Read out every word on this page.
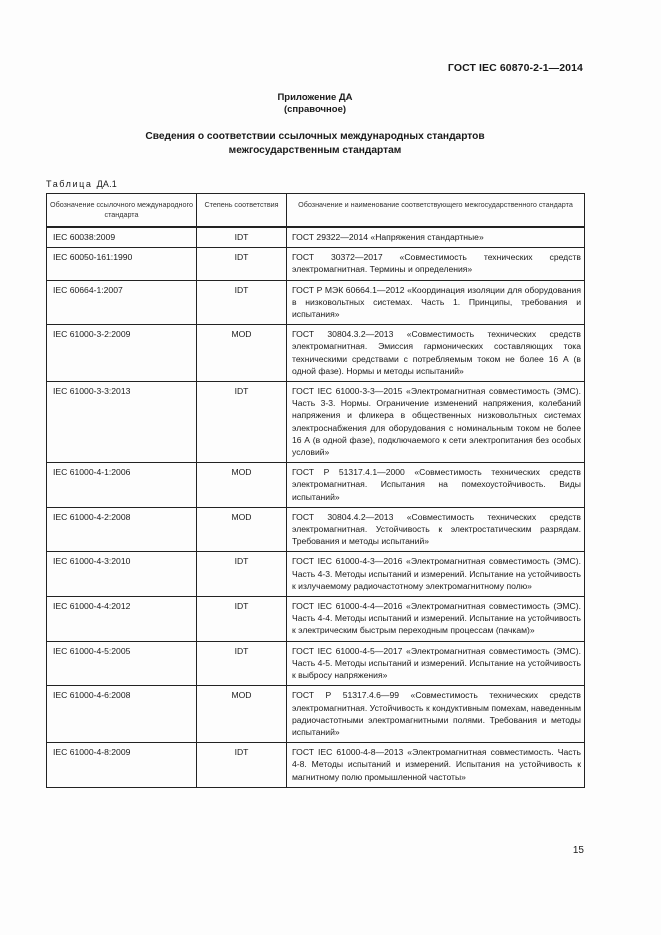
ГОСТ IEC 60870-2-1—2014
Приложение ДА
(справочное)
Сведения о соответствии ссылочных международных стандартов
межгосударственным стандартам
Таблица ДА.1
Обозначение ссылочного международного стандарта	Степень соответствия	Обозначение и наименование соответствующего межгосударственного стандарта
IEC 60038:2009	IDT	ГОСТ 29322—2014 «Напряжения стандартные»
IEC 60050-161:1990	IDT	ГОСТ 30372—2017 «Совместимость технических средств электромагнитная. Термины и определения»
IEC 60664-1:2007	IDT	ГОСТ Р МЭК 60664.1—2012 «Координация изоляции для оборудования в низковольтных системах. Часть 1. Принципы, требования и испытания»
IEC 61000-3-2:2009	MOD	ГОСТ 30804.3.2—2013 «Совместимость технических средств электромагнитная. Эмиссия гармонических составляющих тока техническими средствами с потребляемым током не более 16 А (в одной фазе). Нормы и методы испытаний»
IEC 61000-3-3:2013	IDT	ГОСТ IEC 61000-3-3—2015 «Электромагнитная совместимость (ЭМС). Часть 3-3. Нормы. Ограничение изменений напряжения, колебаний напряжения и фликера в общественных низковольтных системах электроснабжения для оборудования с номинальным током не более 16 А (в одной фазе), подключаемого к сети электропитания без особых условий»
IEC 61000-4-1:2006	MOD	ГОСТ Р 51317.4.1—2000 «Совместимость технических средств электромагнитная. Испытания на помехоустойчивость. Виды испытаний»
IEC 61000-4-2:2008	MOD	ГОСТ 30804.4.2—2013 «Совместимость технических средств электромагнитная. Устойчивость к электростатическим разрядам. Требования и методы испытаний»
IEC 61000-4-3:2010	IDT	ГОСТ IEC 61000-4-3—2016 «Электромагнитная совместимость (ЭМС). Часть 4-3. Методы испытаний и измерений. Испытание на устойчивость к излучаемому радиочастотному электромагнитному полю»
IEC 61000-4-4:2012	IDT	ГОСТ IEC 61000-4-4—2016 «Электромагнитная совместимость (ЭМС). Часть 4-4. Методы испытаний и измерений. Испытание на устойчивость к электрическим быстрым переходным процессам (пачкам)»
IEC 61000-4-5:2005	IDT	ГОСТ IEC 61000-4-5—2017 «Электромагнитная совместимость (ЭМС). Часть 4-5. Методы испытаний и измерений. Испытание на устойчивость к выбросу напряжения»
IEC 61000-4-6:2008	MOD	ГОСТ Р 51317.4.6—99 «Совместимость технических средств электромагнитная. Устойчивость к кондуктивным помехам, наведенным радиочастотными электромагнитными полями. Требования и методы испытаний»
IEC 61000-4-8:2009	IDT	ГОСТ IEC 61000-4-8—2013 «Электромагнитная совместимость. Часть 4-8. Методы испытаний и измерений. Испытания на устойчивость к магнитному полю промышленной частоты»
15
